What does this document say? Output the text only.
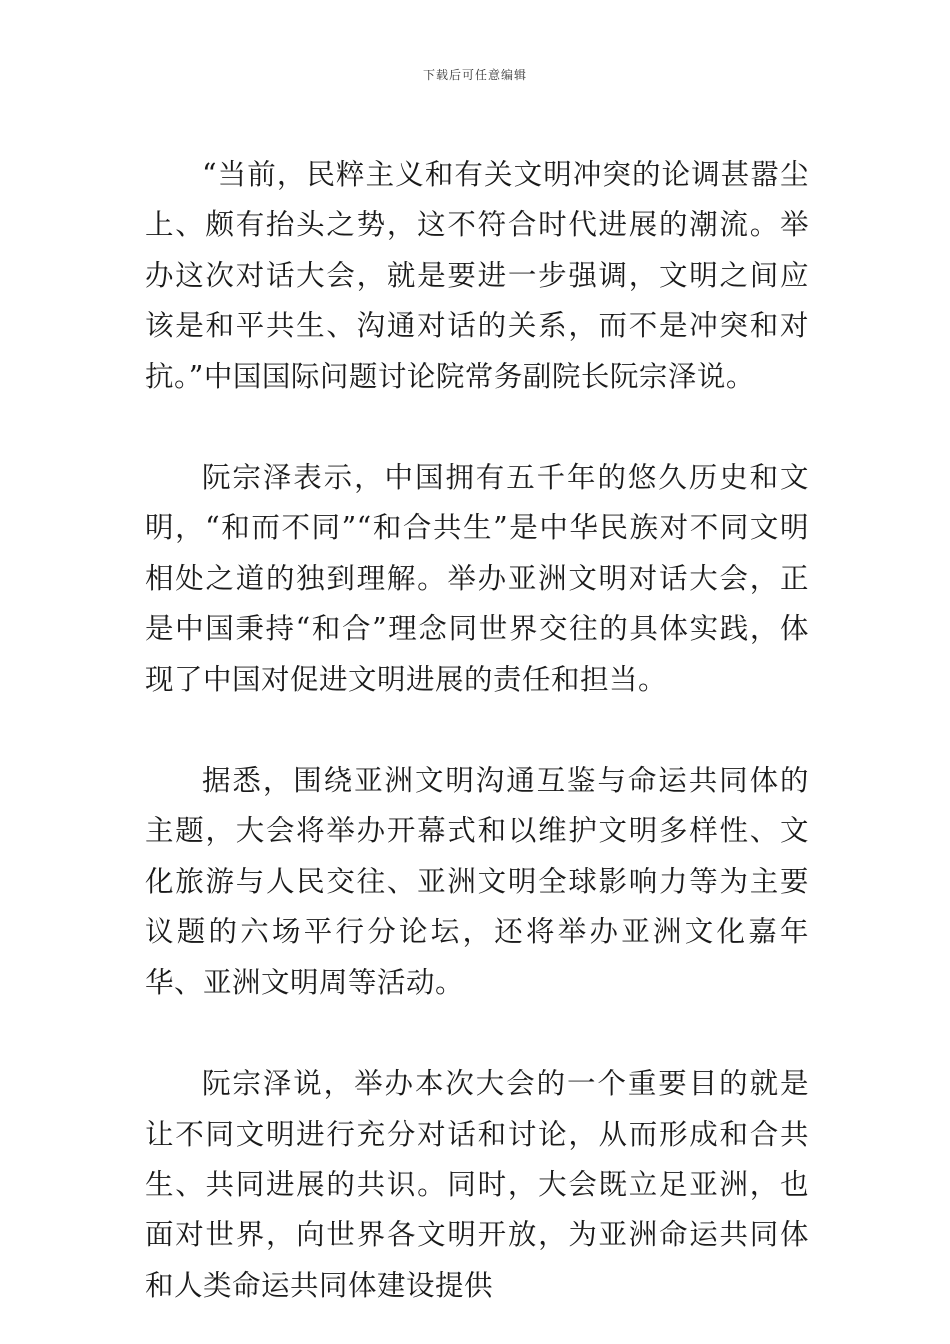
下载后可任意编辑

“当前，民粹主义和有关文明冲突的论调甚嚣尘上、颇有抬头之势，这不符合时代进展的潮流。举办这次对话大会，就是要进一步强调，文明之间应该是和平共生、沟通对话的关系，而不是冲突和对抗。”中国国际问题讨论院常务副院长阮宗泽说。

阮宗泽表示，中国拥有五千年的悠久历史和文明，“和而不同”“和合共生”是中华民族对不同文明相处之道的独到理解。举办亚洲文明对话大会，正是中国秉持“和合”理念同世界交往的具体实践，体现了中国对促进文明进展的责任和担当。

据悉，围绕亚洲文明沟通互鉴与命运共同体的主题，大会将举办开幕式和以维护文明多样性、文化旅游与人民交往、亚洲文明全球影响力等为主要议题的六场平行分论坛，还将举办亚洲文化嘉年华、亚洲文明周等活动。

阮宗泽说，举办本次大会的一个重要目的就是让不同文明进行充分对话和讨论，从而形成和合共生、共同进展的共识。同时，大会既立足亚洲，也面对世界，向世界各文明开放，为亚洲命运共同体和人类命运共同体建设提供
